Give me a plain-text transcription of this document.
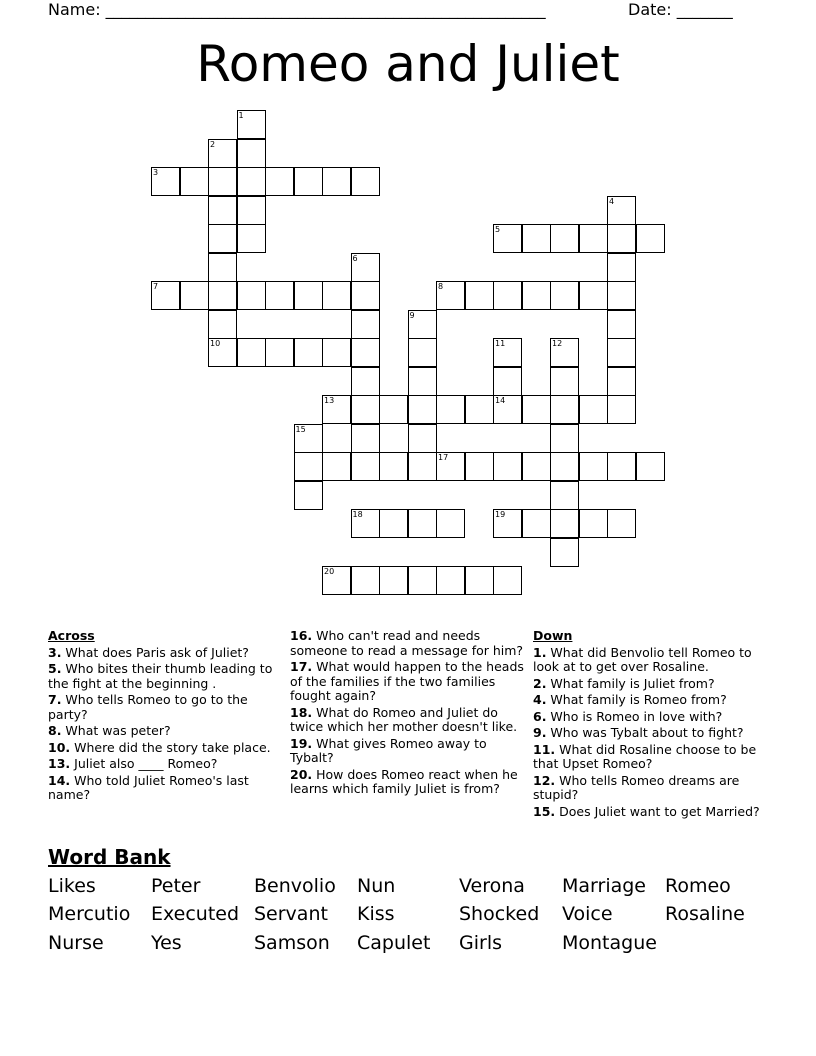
Name: _______________________________________________________	Date: _______
Romeo and Juliet
3
5
7	8
10
13	14
17
18	19
20
1
2
4
6
9
11	12
15
Across
3. What does Paris ask of Juliet?
5. Who bites their thumb leading to the fight at the beginning .
7. Who tells Romeo to go to the party?
8. What was peter?
10. Where did the story take place.
13. Juliet also ____ Romeo?
14. Who told Juliet Romeo's last name?
16. Who can't read and needs someone to read a message for him?
17. What would happen to the heads of the families if the two families fought again?
18. What do Romeo and Juliet do twice which her mother doesn't like.
19. What gives Romeo away to Tybalt?
20. How does Romeo react when he learns which family Juliet is from?
Down
1. What did Benvolio tell Romeo to look at to get over Rosaline.
2. What family is Juliet from?
4. What family is Romeo from?
6. Who is Romeo in love with?
9. Who was Tybalt about to fight?
11. What did Rosaline choose to be that Upset Romeo?
12. Who tells Romeo dreams are stupid?
15. Does Juliet want to get Married?
Word Bank
Likes	Peter	Benvolio Nun	Verona Marriage Romeo
Mercutio Executed Servant Kiss	Shocked Voice	Rosaline
Nurse Yes	Samson Capulet Girls	Montague
